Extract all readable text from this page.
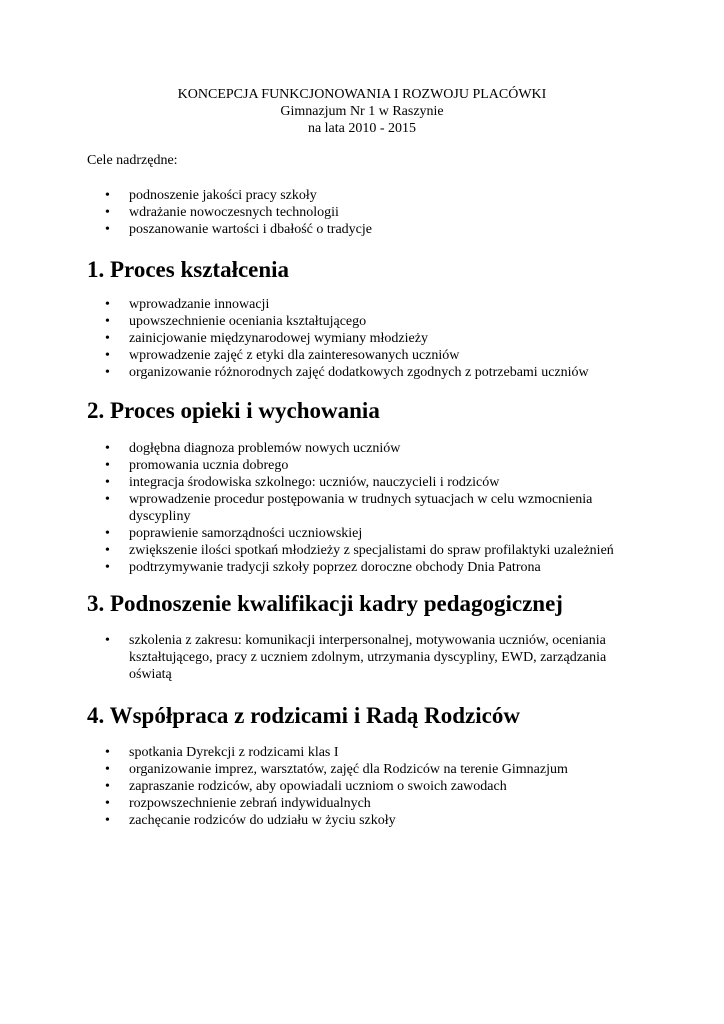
KONCEPCJA FUNKCJONOWANIA I ROZWOJU PLACÓWKI
Gimnazjum Nr 1 w Raszynie
na lata 2010 - 2015
Cele nadrzędne:
•	podnoszenie jakości pracy szkoły
•	wdrażanie nowoczesnych technologii
•	poszanowanie wartości i dbałość o tradycje
1. Proces kształcenia
•	wprowadzanie innowacji
•	upowszechnienie oceniania kształtującego
•	zainicjowanie międzynarodowej wymiany młodzieży
•	wprowadzenie zajęć z etyki dla zainteresowanych uczniów
•	organizowanie różnorodnych zajęć dodatkowych zgodnych z potrzebami uczniów
2. Proces opieki i wychowania
•	dogłębna diagnoza problemów nowych uczniów
•	promowania ucznia dobrego
•	integracja środowiska szkolnego: uczniów, nauczycieli i rodziców
•	wprowadzenie procedur postępowania w trudnych sytuacjach w celu wzmocnienia dyscypliny
•	poprawienie samorządności uczniowskiej
•	zwiększenie ilości spotkań młodzieży z specjalistami do spraw profilaktyki uzależnień
•	podtrzymywanie tradycji szkoły poprzez doroczne obchody Dnia Patrona
3. Podnoszenie kwalifikacji kadry pedagogicznej
•	szkolenia z zakresu: komunikacji interpersonalnej, motywowania uczniów, oceniania kształtującego, pracy z uczniem zdolnym, utrzymania dyscypliny, EWD, zarządzania oświatą
4. Współpraca z rodzicami i Radą Rodziców
•	spotkania Dyrekcji z rodzicami klas I
•	organizowanie imprez, warsztatów, zajęć dla Rodziców na terenie Gimnazjum
•	zapraszanie rodziców, aby opowiadali uczniom o swoich zawodach
•	rozpowszechnienie zebrań indywidualnych
•	zachęcanie rodziców do udziału w życiu szkoły
